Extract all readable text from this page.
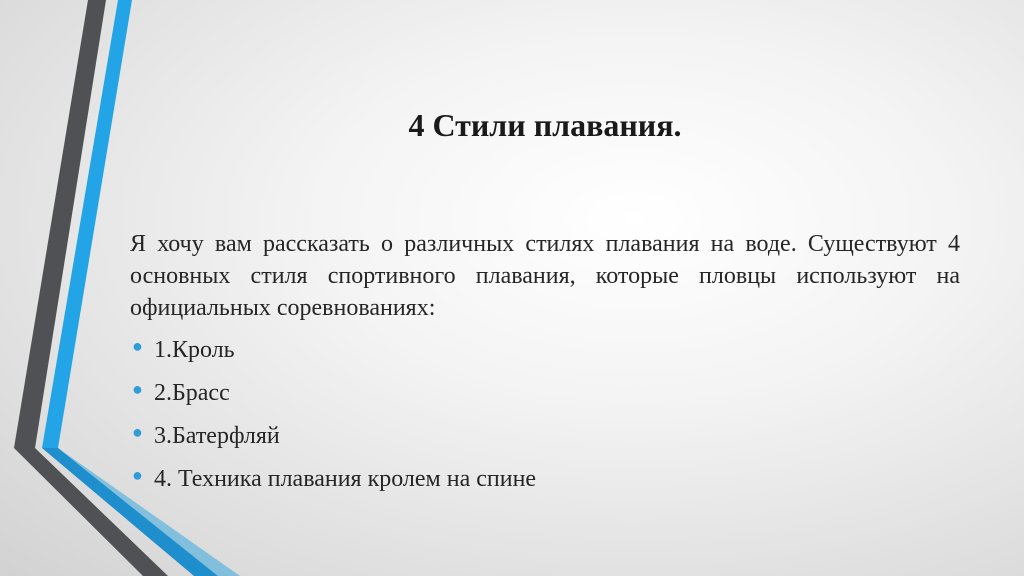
4 Стили плавания.

Я хочу вам рассказать о различных стилях плавания на воде. Существуют 4 основных стиля спортивного плавания, которые пловцы используют на официальных соревнованиях:

● 1.Кроль
● 2.Брасс
● 3.Батерфляй
● 4. Техника плавания кролем на спине
